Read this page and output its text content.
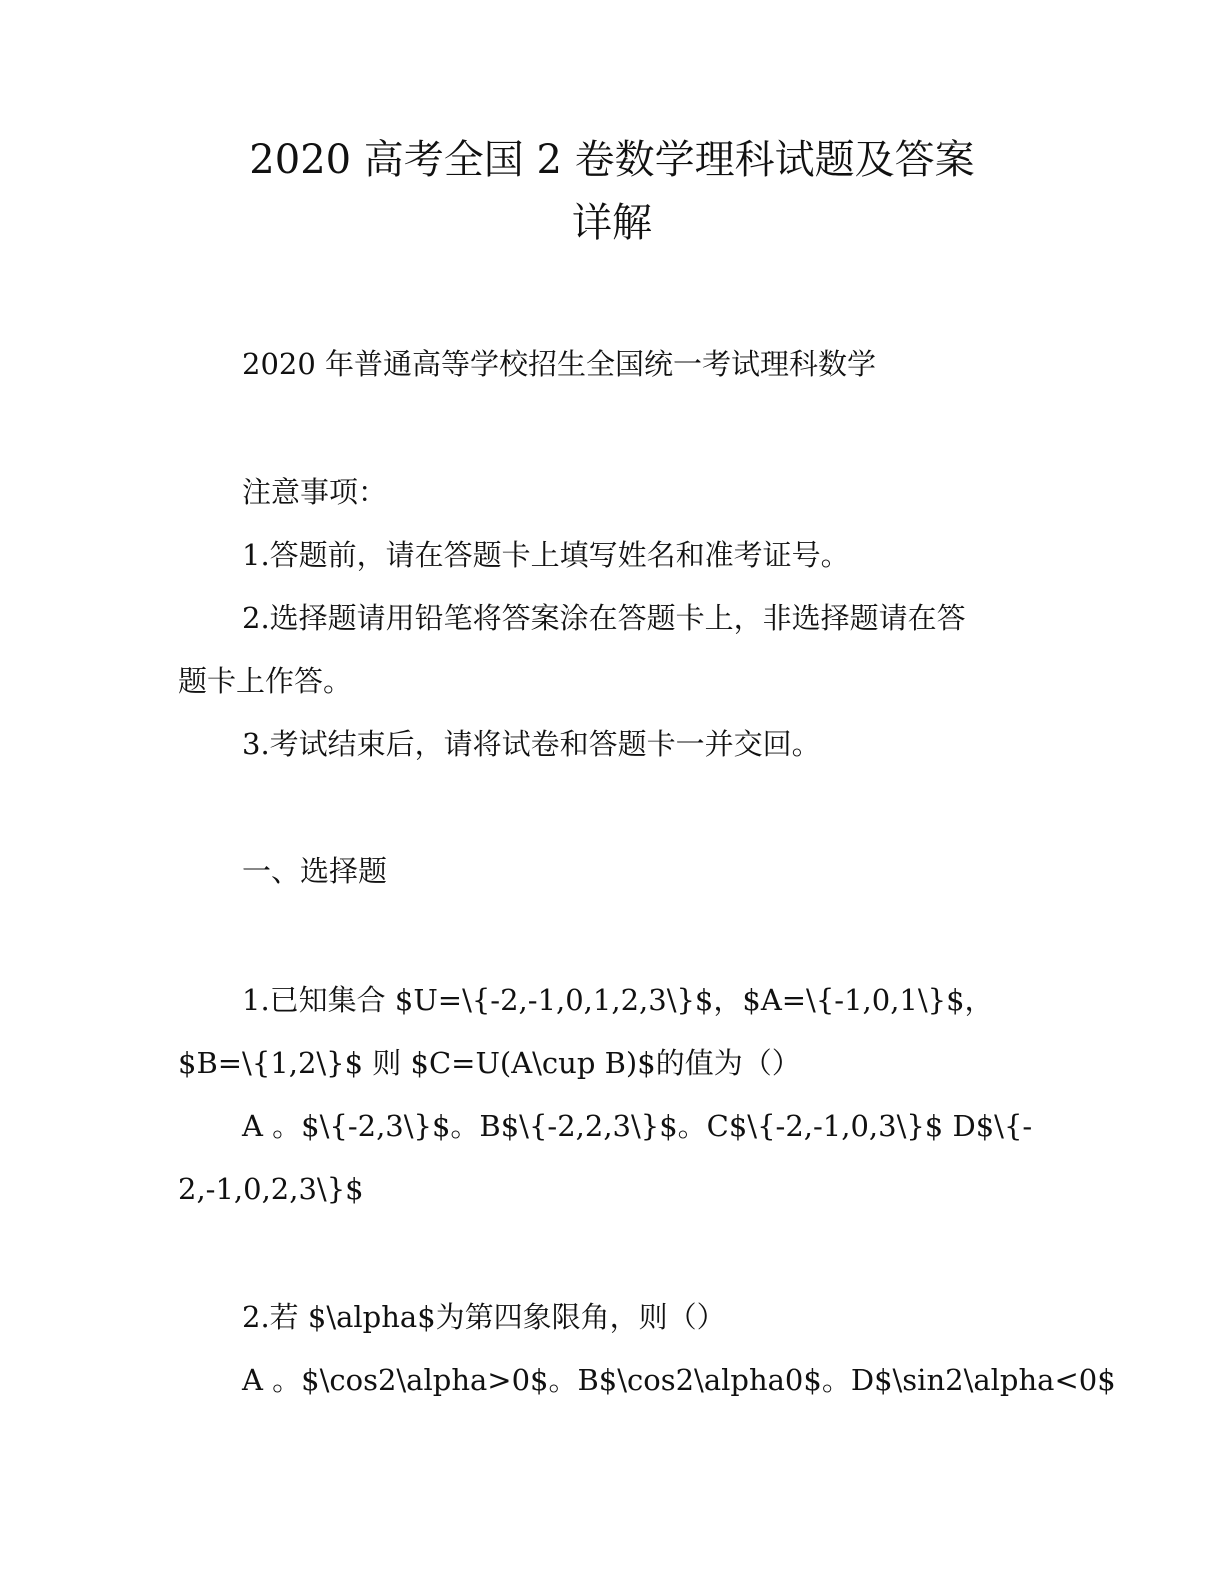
2020 高考全国 2 卷数学理科试题及答案
详解
2020 年普通高等学校招生全国统一考试理科数学
注意事项：
1.答题前，请在答题卡上填写姓名和准考证号。
2.选择题请用铅笔将答案涂在答题卡上，非选择题请在答
题卡上作答。
3.考试结束后，请将试卷和答题卡一并交回。
一、选择题
1.已知集合 $U=\{-2,-1,0,1,2,3\}$，$A=\{-1,0,1\}$，
$B=\{1,2\}$ 则 $C=U(A\cup B)$的值为（）
A 。$\{-2,3\}$。B$\{-2,2,3\}$。C$\{-2,-1,0,3\}$ D$\{-
2,-1,0,2,3\}$
2.若 $\alpha$为第四象限角，则（）
A 。$\cos2\alpha>0$。B$\cos2\alpha0$。D$\sin2\alpha<0$
